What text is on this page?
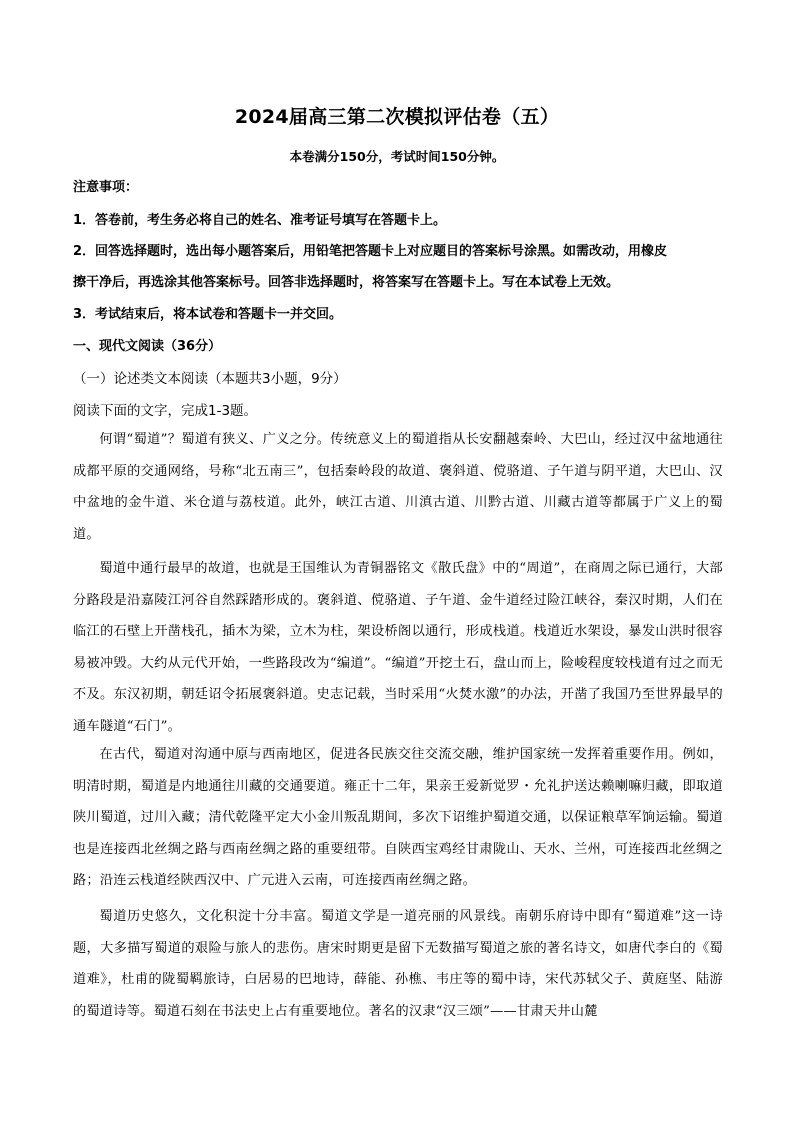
2024届高三第二次模拟评估卷（五）
本卷满分150分，考试时间150分钟。
注意事项：
1．答卷前，考生务必将自己的姓名、准考证号填写在答题卡上。
2．回答选择题时，选出每小题答案后，用铅笔把答题卡上对应题目的答案标号涂黑。如需改动，用橡皮
擦干净后，再选涂其他答案标号。回答非选择题时，将答案写在答题卡上。写在本试卷上无效。
3．考试结束后，将本试卷和答题卡一并交回。
一、现代文阅读（36分）
（一）论述类文本阅读（本题共3小题，9分）
阅读下面的文字，完成1-3题。
何谓“蜀道”？蜀道有狭义、广义之分。传统意义上的蜀道指从长安翻越秦岭、大巴山，经过汉中盆地通往成都平原的交通网络，号称“北五南三”，包括秦岭段的故道、褒斜道、傥骆道、子午道与阴平道，大巴山、汉中盆地的金牛道、米仓道与荔枝道。此外，峡江古道、川滇古道、川黔古道、川藏古道等都属于广义上的蜀道。
蜀道中通行最早的故道，也就是王国维认为青铜器铭文《散氏盘》中的“周道”，在商周之际已通行，大部分路段是沿嘉陵江河谷自然踩踏形成的。褒斜道、傥骆道、子午道、金牛道经过险江峡谷，秦汉时期，人们在临江的石壁上开凿栈孔，插木为梁，立木为柱，架设桥阁以通行，形成栈道。栈道近水架设，暴发山洪时很容易被冲毁。大约从元代开始，一些路段改为“编道”。“编道”开挖土石，盘山而上，险峻程度较栈道有过之而无不及。东汉初期，朝廷诏令拓展褒斜道。史志记载，当时采用“火焚水激”的办法，开凿了我国乃至世界最早的通车隧道“石门”。
在古代，蜀道对沟通中原与西南地区，促进各民族交往交流交融，维护国家统一发挥着重要作用。例如，明清时期，蜀道是内地通往川藏的交通要道。雍正十二年，果亲王爱新觉罗・允礼护送达赖喇嘛归藏，即取道陕川蜀道，过川入藏；清代乾隆平定大小金川叛乱期间，多次下诏维护蜀道交通，以保证粮草军饷运输。蜀道也是连接西北丝绸之路与西南丝绸之路的重要纽带。自陕西宝鸡经甘肃陇山、天水、兰州，可连接西北丝绸之路；沿连云栈道经陕西汉中、广元进入云南，可连接西南丝绸之路。
蜀道历史悠久，文化积淀十分丰富。蜀道文学是一道亮丽的风景线。南朝乐府诗中即有“蜀道难”这一诗题，大多描写蜀道的艰险与旅人的悲伤。唐宋时期更是留下无数描写蜀道之旅的著名诗文，如唐代李白的《蜀道难》，杜甫的陇蜀羁旅诗，白居易的巴地诗，薛能、孙樵、韦庄等的蜀中诗，宋代苏轼父子、黄庭坚、陆游的蜀道诗等。蜀道石刻在书法史上占有重要地位。著名的汉隶“汉三颂”——甘肃天井山麓
